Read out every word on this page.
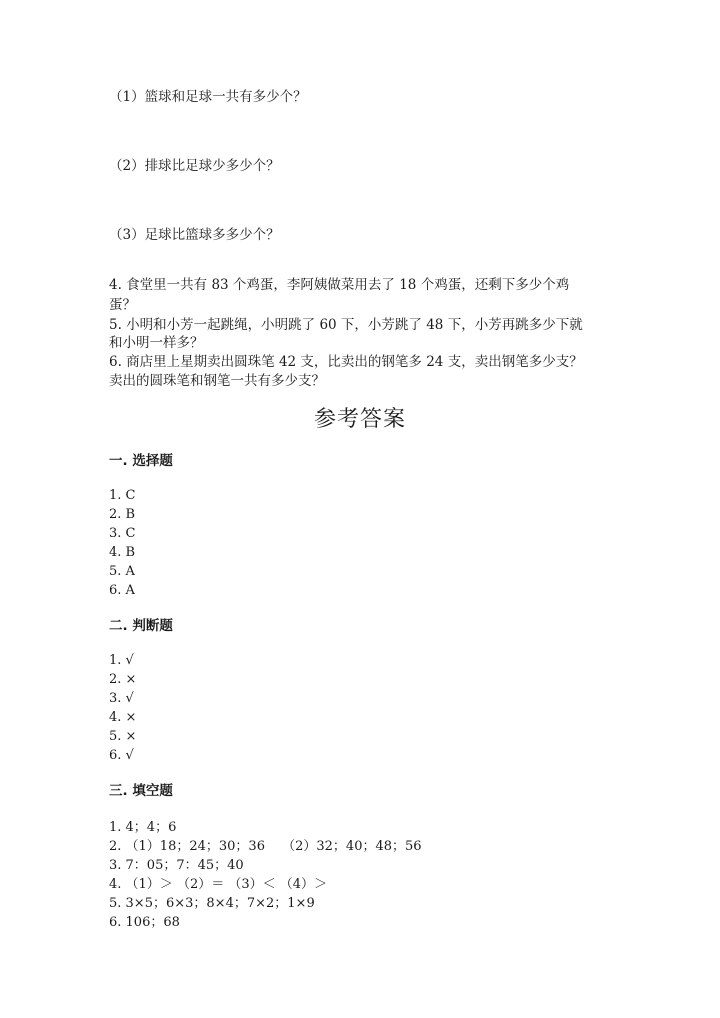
（1）篮球和足球一共有多少个？
（2）排球比足球少多少个？
（3）足球比篮球多多少个？
4. 食堂里一共有 83 个鸡蛋，李阿姨做菜用去了 18 个鸡蛋，还剩下多少个鸡
蛋？
5. 小明和小芳一起跳绳，小明跳了 60 下，小芳跳了 48 下，小芳再跳多少下就
和小明一样多？
6. 商店里上星期卖出圆珠笔 42 支，比卖出的钢笔多 24 支，卖出钢笔多少支？
卖出的圆珠笔和钢笔一共有多少支？
参考答案
一. 选择题
1. C
2. B
3. C
4. B
5. A
6. A
二. 判断题
1. √
2. ×
3. √
4. ×
5. ×
6. √
三. 填空题
1. 4；4；6
2. （1）18；24；30；36　 （2）32；40；48；56
3. 7：05；7：45；40
4. （1）＞ （2）＝ （3）＜ （4）＞
5. 3×5；6×3；8×4；7×2；1×9
6. 106；68
